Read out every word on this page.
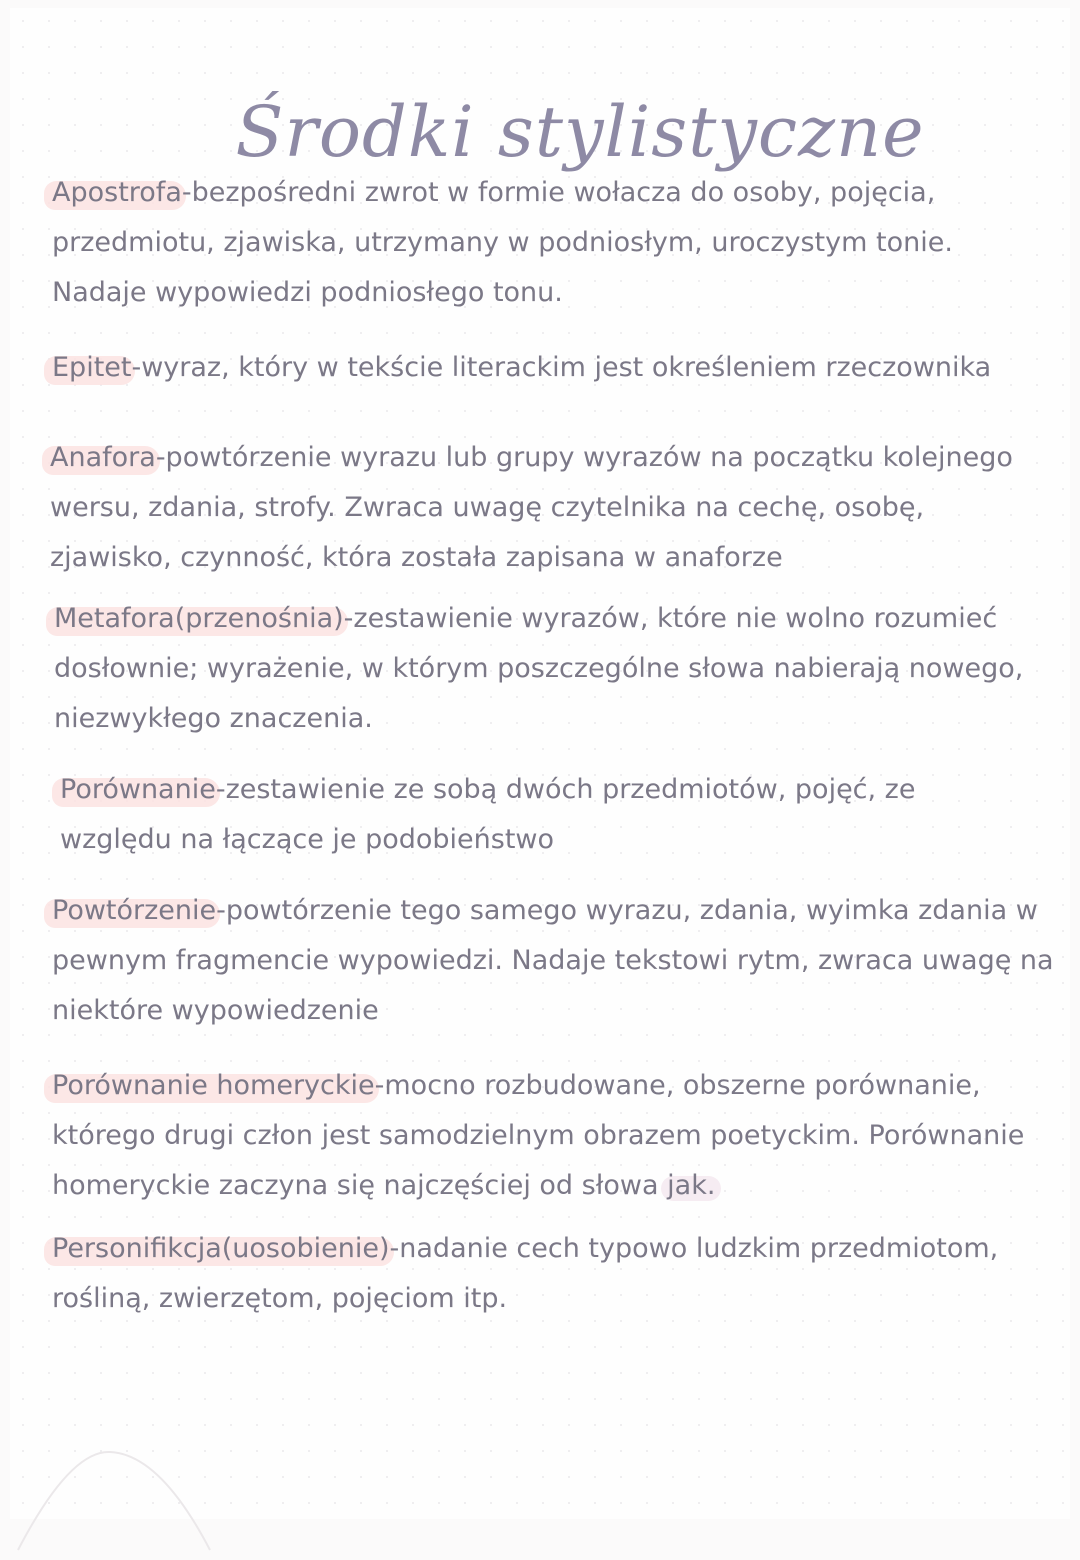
Środki stylistyczne

Apostrofa-bezpośredni zwrot w formie wołacza do osoby, pojęcia, przedmiotu, zjawiska, utrzymany w podniosłym, uroczystym tonie. Nadaje wypowiedzi podniosłego tonu.

Epitet-wyraz, który w tekście literackim jest określeniem rzeczownika

Anafora-powtórzenie wyrazu lub grupy wyrazów na początku kolejnego wersu, zdania, strofy. Zwraca uwagę czytelnika na cechę, osobę, zjawisko, czynność, która została zapisana w anaforze

Metafora(przenośnia)-zestawienie wyrazów, które nie wolno rozumieć dosłownie; wyrażenie, w którym poszczególne słowa nabierają nowego, niezwykłego znaczenia.

Porównanie-zestawienie ze sobą dwóch przedmiotów, pojęć, ze względu na łączące je podobieństwo

Powtórzenie-powtórzenie tego samego wyrazu, zdania, wyimka zdania w pewnym fragmencie wypowiedzi. Nadaje tekstowi rytm, zwraca uwagę na niektóre wypowiedzenie

Porównanie homeryckie-mocno rozbudowane, obszerne porównanie, którego drugi człon jest samodzielnym obrazem poetyckim. Porównanie homeryckie zaczyna się najczęściej od słowa jak.

Personifikcja(uosobienie)-nadanie cech typowo ludzkim przedmiotom, rośliną, zwierzętom, pojęciom itp.
